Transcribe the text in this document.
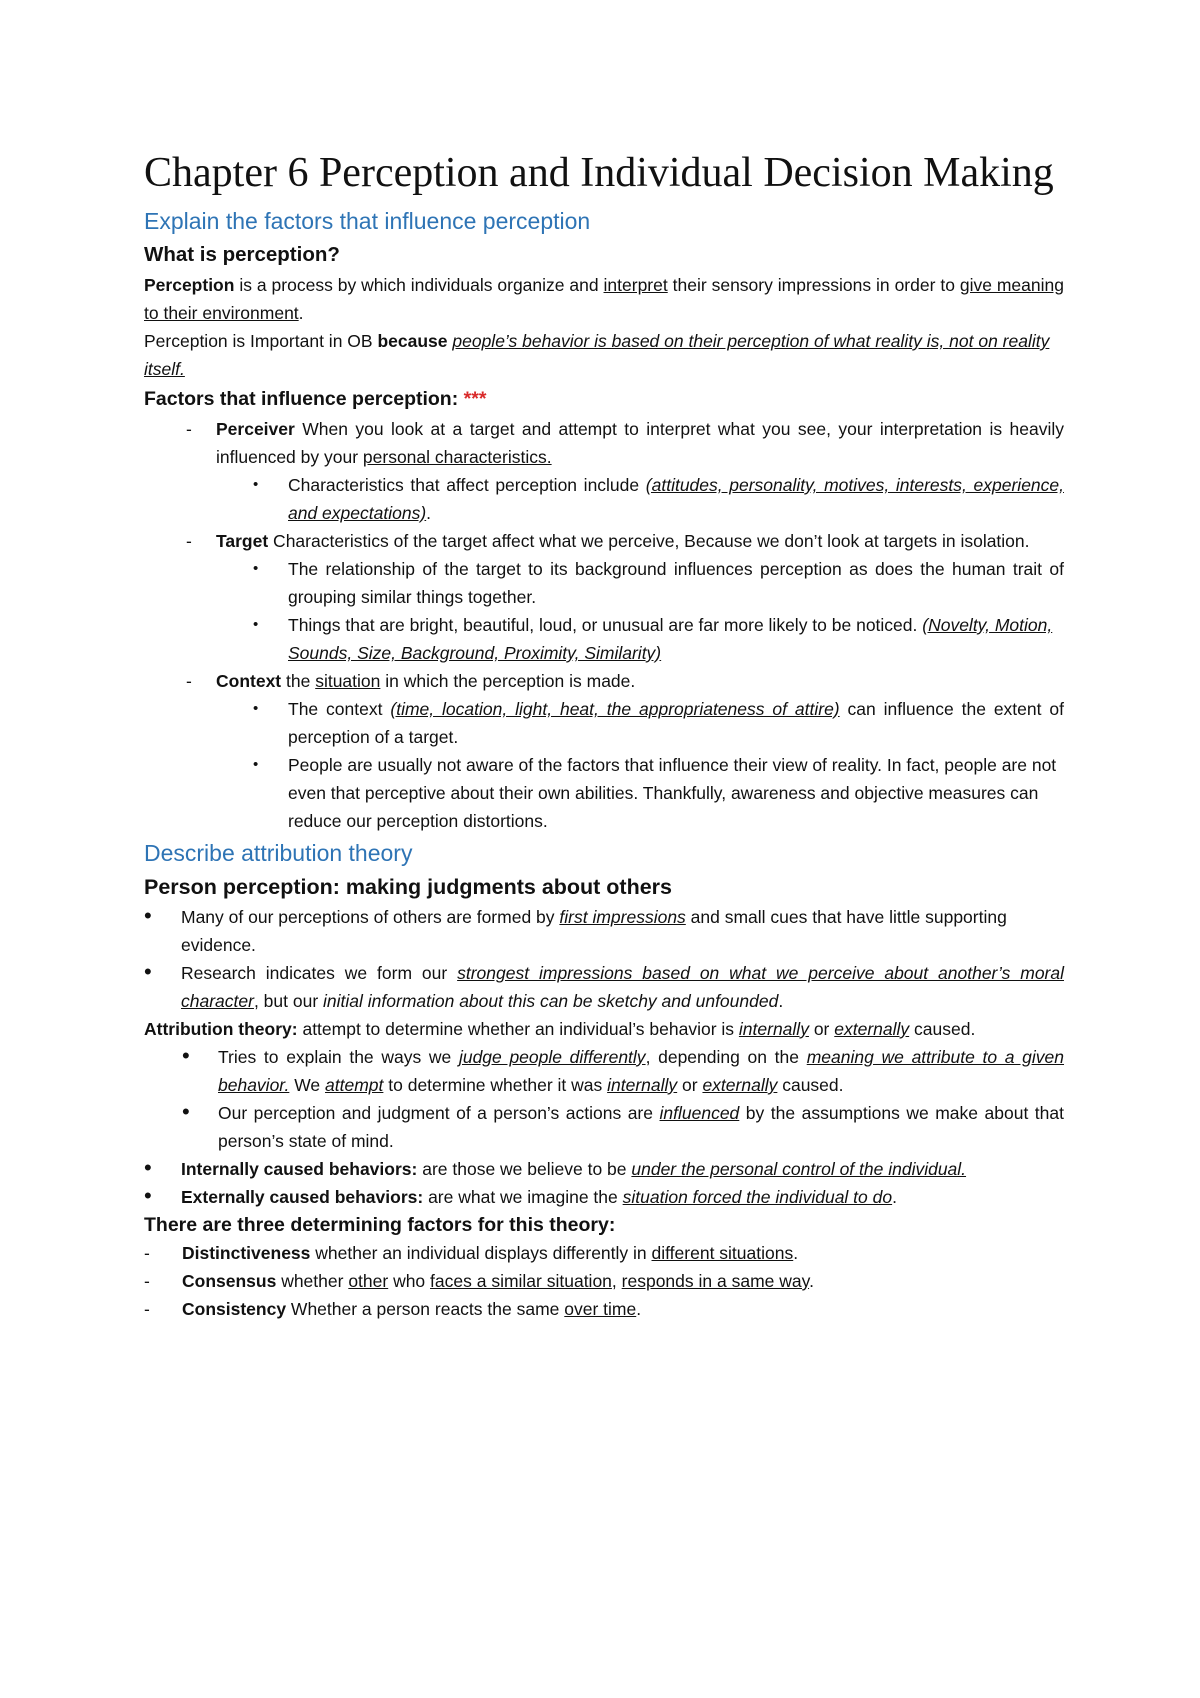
Chapter 6 Perception and Individual Decision Making
Explain the factors that influence perception
What is perception?

Perception is a process by which individuals organize and interpret their sensory impressions in order to give meaning to their environment.

Perception is Important in OB because people’s behavior is based on their perception of what reality is, not on reality itself.

Factors that influence perception: ***
- Perceiver When you look at a target and attempt to interpret what you see, your interpretation is heavily influenced by your personal characteristics.
• Characteristics that affect perception include (attitudes, personality, motives, interests, experience, and expectations).
- Target Characteristics of the target affect what we perceive, Because we don’t look at targets in isolation.
• The relationship of the target to its background influences perception as does the human trait of grouping similar things together.
• Things that are bright, beautiful, loud, or unusual are far more likely to be noticed. (Novelty, Motion, Sounds, Size, Background, Proximity, Similarity)
- Context the situation in which the perception is made.
• The context (time, location, light, heat, the appropriateness of attire) can influence the extent of perception of a target.
• People are usually not aware of the factors that influence their view of reality. In fact, people are not even that perceptive about their own abilities. Thankfully, awareness and objective measures can reduce our perception distortions.
Describe attribution theory
Person perception: making judgments about others
• Many of our perceptions of others are formed by first impressions and small cues that have little supporting evidence.
• Research indicates we form our strongest impressions based on what we perceive about another’s moral character, but our initial information about this can be sketchy and unfounded.

Attribution theory: attempt to determine whether an individual’s behavior is internally or externally caused.

• Tries to explain the ways we judge people differently, depending on the meaning we attribute to a given behavior. We attempt to determine whether it was internally or externally caused.
• Our perception and judgment of a person’s actions are influenced by the assumptions we make about that person’s state of mind.
• Internally caused behaviors: are those we believe to be under the personal control of the individual.
• Externally caused behaviors: are what we imagine the situation forced the individual to do.
There are three determining factors for this theory:
- Distinctiveness whether an individual displays differently in different situations.
- Consensus whether other who faces a similar situation, responds in a same way.
- Consistency Whether a person reacts the same over time.
